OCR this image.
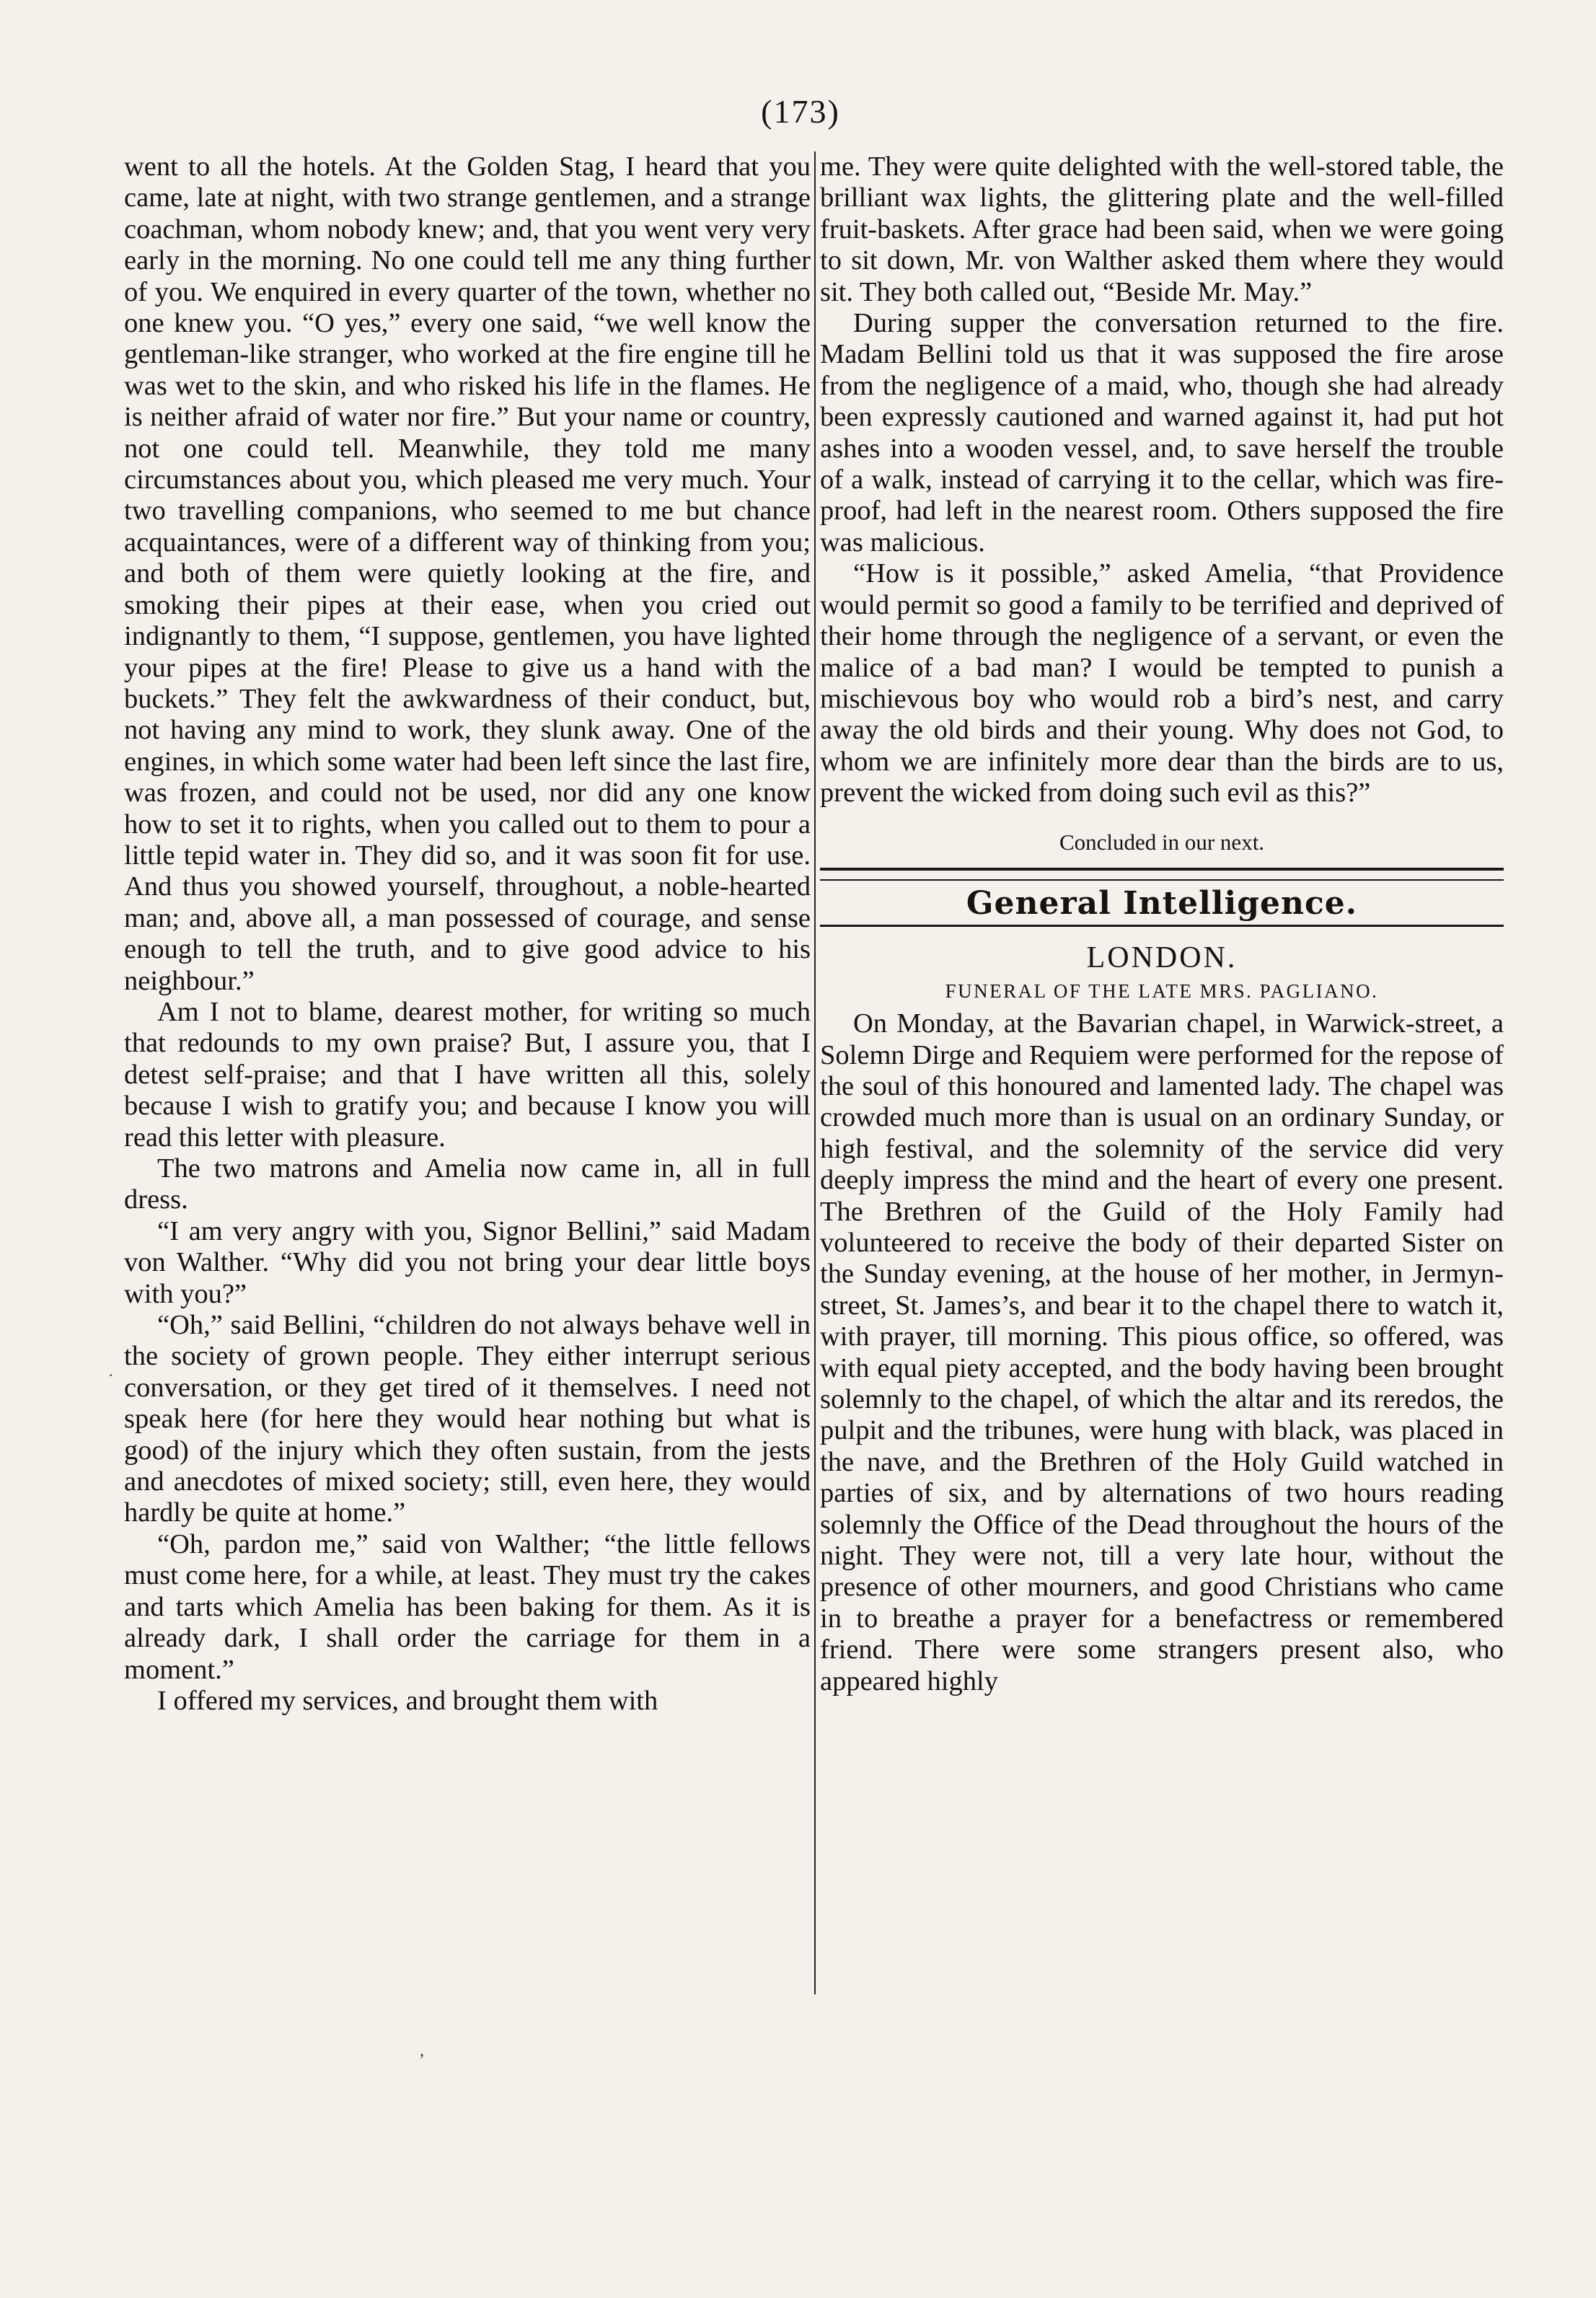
(173)

went to all the hotels. At the Golden Stag, I heard that you came, late at night, with two strange gentlemen, and a strange coachman, whom nobody knew; and, that you went very very early in the morning. No one could tell me any thing further of you. We enquired in every quarter of the town, whether no one knew you. “O yes,” every one said, “we well know the gentleman-like stranger, who worked at the fire engine till he was wet to the skin, and who risked his life in the flames. He is neither afraid of water nor fire.” But your name or country, not one could tell. Meanwhile, they told me many circumstances about you, which pleased me very much. Your two travelling companions, who seemed to me but chance acquaintances, were of a different way of thinking from you; and both of them were quietly looking at the fire, and smoking their pipes at their ease, when you cried out indignantly to them, “I suppose, gentlemen, you have lighted your pipes at the fire! Please to give us a hand with the buckets.” They felt the awkwardness of their conduct, but, not having any mind to work, they slunk away. One of the engines, in which some water had been left since the last fire, was frozen, and could not be used, nor did any one know how to set it to rights, when you called out to them to pour a little tepid water in. They did so, and it was soon fit for use. And thus you showed yourself, throughout, a noble-hearted man; and, above all, a man possessed of courage, and sense enough to tell the truth, and to give good advice to his neighbour.”

Am I not to blame, dearest mother, for writing so much that redounds to my own praise? But, I assure you, that I detest self-praise; and that I have written all this, solely because I wish to gratify you; and because I know you will read this letter with pleasure.

The two matrons and Amelia now came in, all in full dress.

“I am very angry with you, Signor Bellini,” said Madam von Walther. “Why did you not bring your dear little boys with you?”

“Oh,” said Bellini, “children do not always behave well in the society of grown people. They either interrupt serious conversation, or they get tired of it themselves. I need not speak here (for here they would hear nothing but what is good) of the injury which they often sustain, from the jests and anecdotes of mixed society; still, even here, they would hardly be quite at home.”

“Oh, pardon me,” said von Walther; “the little fellows must come here, for a while, at least. They must try the cakes and tarts which Amelia has been baking for them. As it is already dark, I shall order the carriage for them in a moment.”

I offered my services, and brought them with

me. They were quite delighted with the well-stored table, the brilliant wax lights, the glittering plate and the well-filled fruit-baskets. After grace had been said, when we were going to sit down, Mr. von Walther asked them where they would sit. They both called out, “Beside Mr. May.”

During supper the conversation returned to the fire. Madam Bellini told us that it was supposed the fire arose from the negligence of a maid, who, though she had already been expressly cautioned and warned against it, had put hot ashes into a wooden vessel, and, to save herself the trouble of a walk, instead of carrying it to the cellar, which was fire-proof, had left in the nearest room. Others supposed the fire was malicious.

“How is it possible,” asked Amelia, “that Providence would permit so good a family to be terrified and deprived of their home through the negligence of a servant, or even the malice of a bad man? I would be tempted to punish a mischievous boy who would rob a bird’s nest, and carry away the old birds and their young. Why does not God, to whom we are infinitely more dear than the birds are to us, prevent the wicked from doing such evil as this?”

Concluded in our next.
General Intelligence.
LONDON.
FUNERAL OF THE LATE MRS. PAGLIANO.

On Monday, at the Bavarian chapel, in Warwick-street, a Solemn Dirge and Requiem were performed for the repose of the soul of this honoured and lamented lady. The chapel was crowded much more than is usual on an ordinary Sunday, or high festival, and the solemnity of the service did very deeply impress the mind and the heart of every one present. The Brethren of the Guild of the Holy Family had volunteered to receive the body of their departed Sister on the Sunday evening, at the house of her mother, in Jermyn-street, St. James’s, and bear it to the chapel there to watch it, with prayer, till morning. This pious office, so offered, was with equal piety accepted, and the body having been brought solemnly to the chapel, of which the altar and its reredos, the pulpit and the tribunes, were hung with black, was placed in the nave, and the Brethren of the Holy Guild watched in parties of six, and by alternations of two hours reading solemnly the Office of the Dead throughout the hours of the night. They were not, till a very late hour, without the presence of other mourners, and good Christians who came in to breathe a prayer for a benefactress or remembered friend. There were some strangers present also, who appeared highly

·
,
